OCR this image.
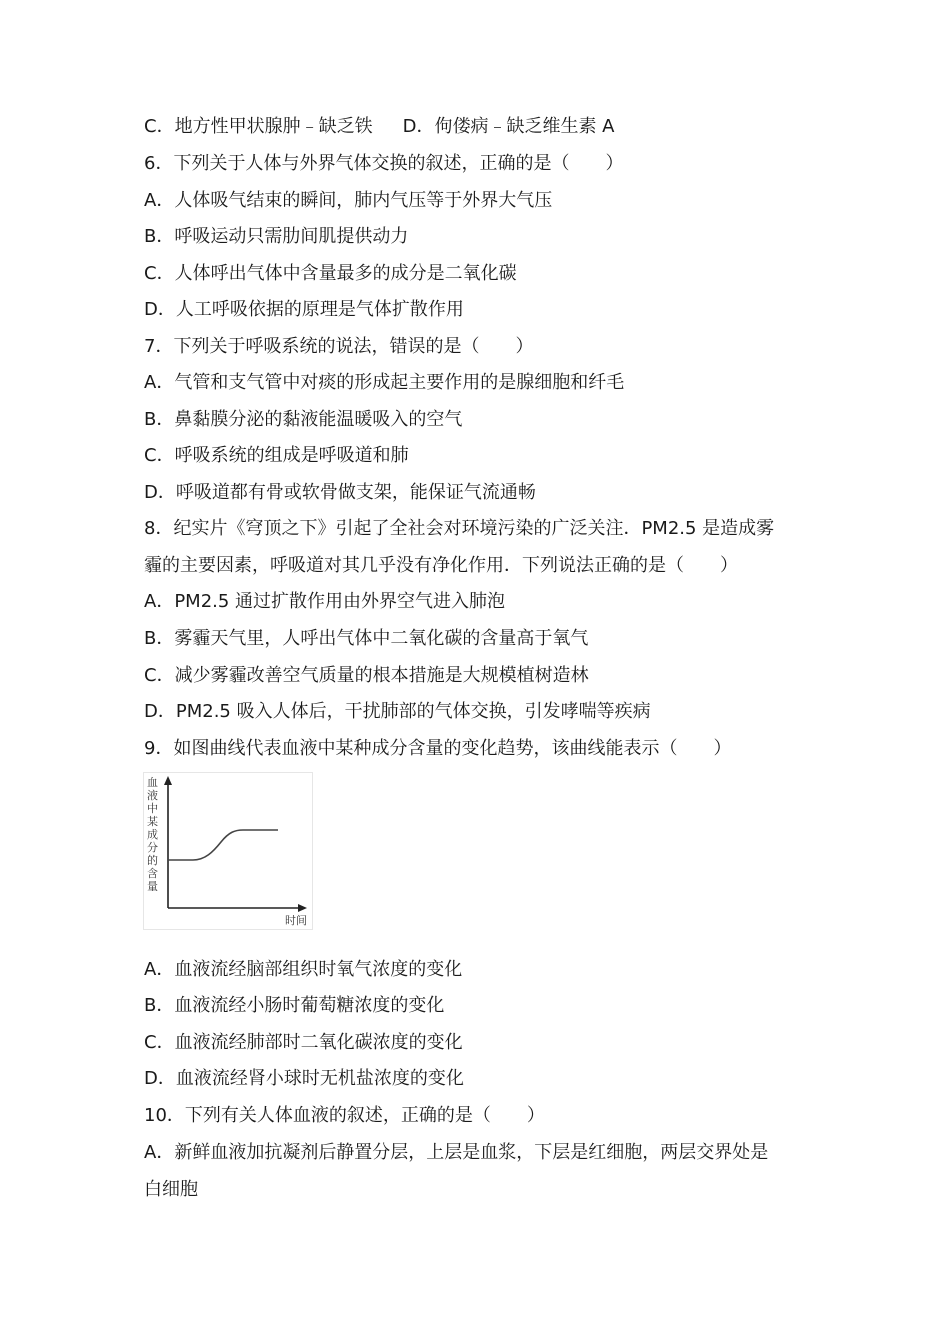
C．地方性甲状腺肿﹣缺乏铁 D．佝偻病﹣缺乏维生素 A
6．下列关于人体与外界气体交换的叙述，正确的是（　　）
A．人体吸气结束的瞬间，肺内气压等于外界大气压
B．呼吸运动只需肋间肌提供动力
C．人体呼出气体中含量最多的成分是二氧化碳
D．人工呼吸依据的原理是气体扩散作用
7．下列关于呼吸系统的说法，错误的是（　　）
A．气管和支气管中对痰的形成起主要作用的是腺细胞和纤毛
B．鼻黏膜分泌的黏液能温暖吸入的空气
C．呼吸系统的组成是呼吸道和肺
D．呼吸道都有骨或软骨做支架，能保证气流通畅
8．纪实片《穹顶之下》引起了全社会对环境污染的广泛关注．PM2.5 是造成雾
霾的主要因素，呼吸道对其几乎没有净化作用．下列说法正确的是（　　）
A．PM2.5 通过扩散作用由外界空气进入肺泡
B．雾霾天气里，人呼出气体中二氧化碳的含量高于氧气
C．减少雾霾改善空气质量的根本措施是大规模植树造林
D．PM2.5 吸入人体后，干扰肺部的气体交换，引发哮喘等疾病
9．如图曲线代表血液中某种成分含量的变化趋势，该曲线能表示（　　）
血
液
中
某
成
分
的
含
量
时间
A．血液流经脑部组织时氧气浓度的变化
B．血液流经小肠时葡萄糖浓度的变化
C．血液流经肺部时二氧化碳浓度的变化
D．血液流经肾小球时无机盐浓度的变化
10．下列有关人体血液的叙述，正确的是（　　）
A．新鲜血液加抗凝剂后静置分层，上层是血浆，下层是红细胞，两层交界处是
白细胞
